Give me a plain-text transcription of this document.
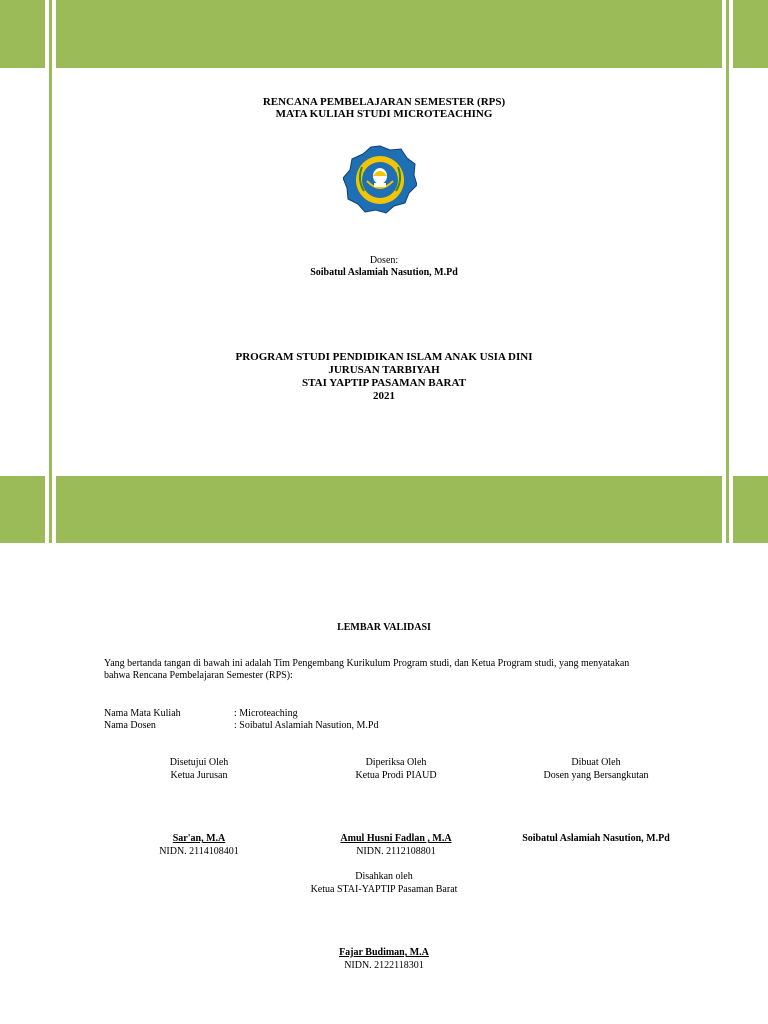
RENCANA PEMBELAJARAN SEMESTER (RPS)
MATA KULIAH STUDI MICROTEACHING
Dosen:
Soibatul Aslamiah Nasution, M.Pd
PROGRAM STUDI PENDIDIKAN ISLAM ANAK USIA DINI
JURUSAN TARBIYAH
STAI YAPTIP PASAMAN BARAT
2021
LEMBAR VALIDASI
Yang bertanda tangan di bawah ini adalah Tim Pengembang Kurikulum Program studi, dan Ketua Program studi, yang menyatakan
bahwa Rencana Pembelajaran Semester (RPS):
Nama Mata Kuliah	: Microteaching
Nama Dosen	: Soibatul Aslamiah Nasution, M.Pd
Disetujui Oleh
Ketua Jurusan
Diperiksa Oleh
Ketua Prodi PIAUD
Dibuat Oleh
Dosen yang Bersangkutan
Sar'an, M.A
NIDN. 2114108401
Amul Husni Fadlan , M.A
NIDN. 2112108801
Soibatul Aslamiah Nasution, M.Pd
Disahkan oleh
Ketua STAI-YAPTIP Pasaman Barat
Fajar Budiman, M.A
NIDN. 2122118301
